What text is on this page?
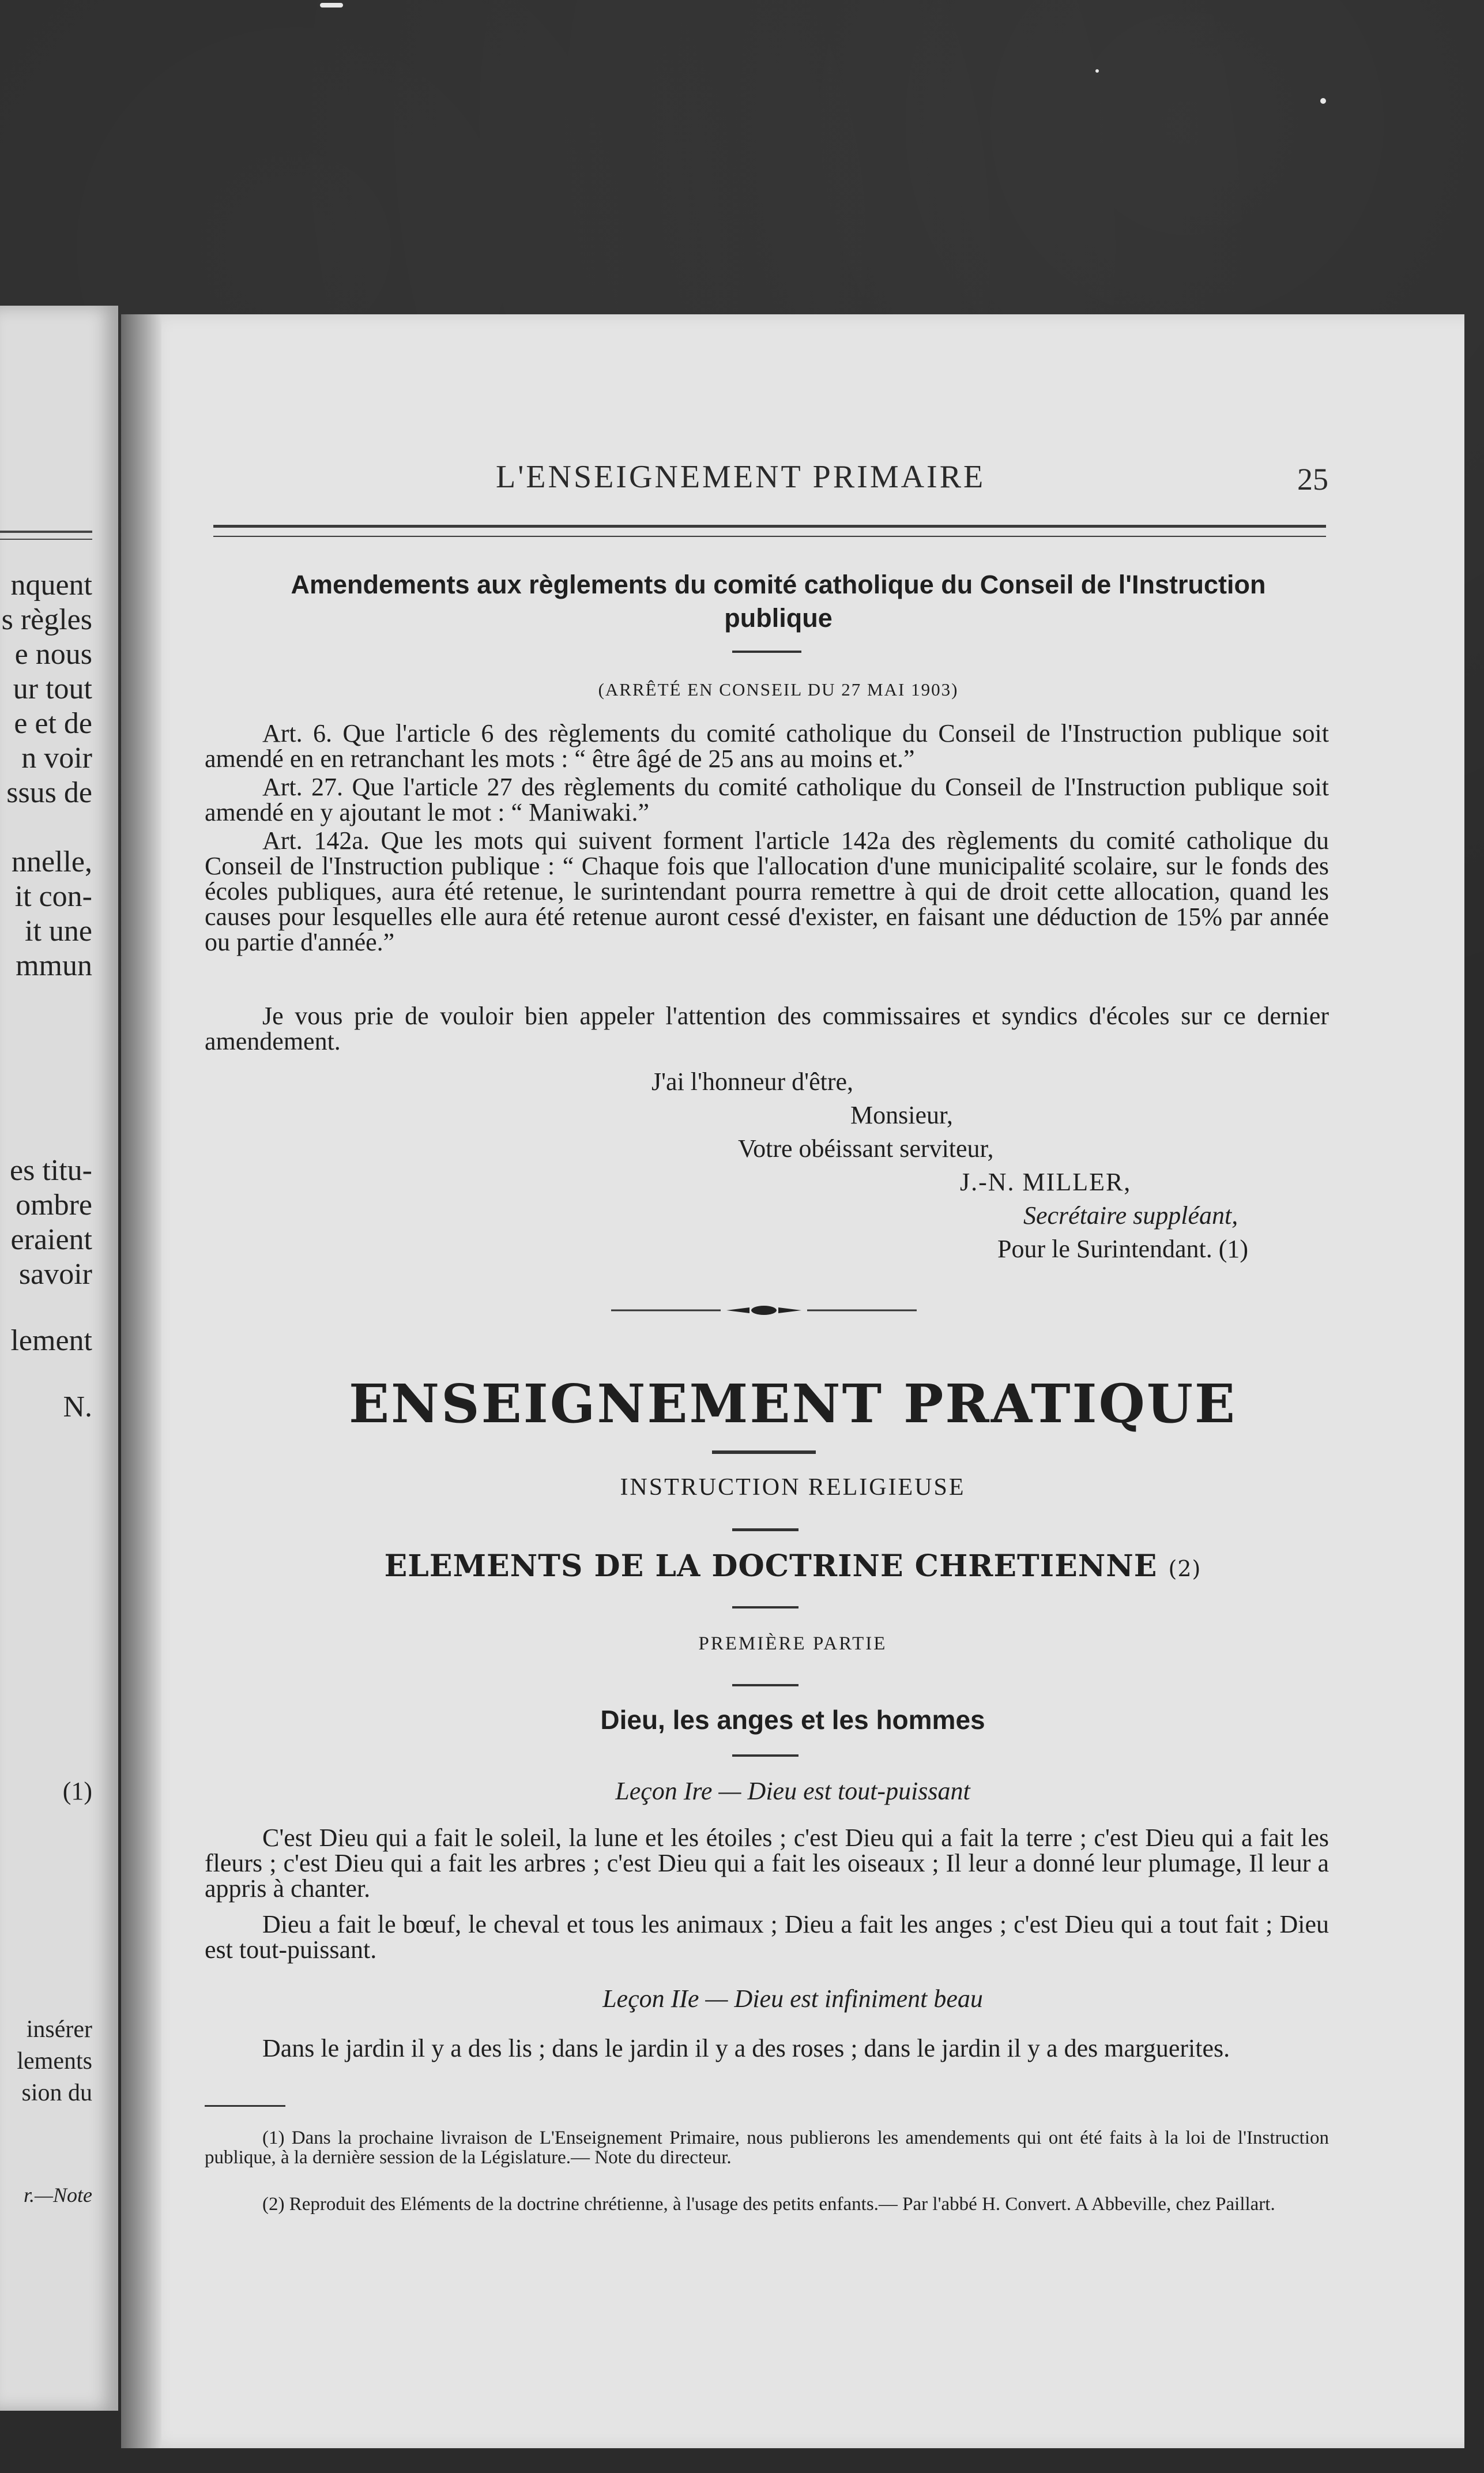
nquent
s règles
e nous
ur tout
e et de
n voir
ssus de
nnelle,
it con-
it une
mmun
es titu-
ombre
eraient
savoir
lement
N.
(1)
insérer
lements
sion du
r.—Note
L'ENSEIGNEMENT PRIMAIRE	25
Amendements aux règlements du comité catholique du Conseil de l'Instruction publique
(ARRÊTÉ EN CONSEIL DU 27 MAI 1903)
Art. 6. Que l'article 6 des règlements du comité catholique du Conseil de l'Instruction publique soit amendé en en retranchant les mots : “ être âgé de 25 ans au moins et.”
Art. 27. Que l'article 27 des règlements du comité catholique du Conseil de l'Instruction publique soit amendé en y ajoutant le mot : “ Maniwaki.”
Art. 142a. Que les mots qui suivent forment l'article 142a des règlements du comité catholique du Conseil de l'Instruction publique : “ Chaque fois que l'allocation d'une municipalité scolaire, sur le fonds des écoles publiques, aura été retenue, le surintendant pourra remettre à qui de droit cette allocation, quand les causes pour lesquelles elle aura été retenue auront cessé d'exister, en faisant une déduction de 15% par année ou partie d'année.”
Je vous prie de vouloir bien appeler l'attention des commissaires et syndics d'écoles sur ce dernier amendement.
J'ai l'honneur d'être,
Monsieur,
Votre obéissant serviteur,
J.-N. MILLER,
Secrétaire suppléant,
Pour le Surintendant. (1)
ENSEIGNEMENT PRATIQUE
INSTRUCTION RELIGIEUSE
ELEMENTS DE LA DOCTRINE CHRETIENNE (2)
PREMIÈRE PARTIE
Dieu, les anges et les hommes
Leçon Ire — Dieu est tout-puissant
C'est Dieu qui a fait le soleil, la lune et les étoiles ; c'est Dieu qui a fait la terre ; c'est Dieu qui a fait les fleurs ; c'est Dieu qui a fait les arbres ; c'est Dieu qui a fait les oiseaux ; Il leur a donné leur plumage, Il leur a appris à chanter.
Dieu a fait le bœuf, le cheval et tous les animaux ; Dieu a fait les anges ; c'est Dieu qui a tout fait ; Dieu est tout-puissant.
Leçon IIe — Dieu est infiniment beau
Dans le jardin il y a des lis ; dans le jardin il y a des roses ; dans le jardin il y a des marguerites.
(1) Dans la prochaine livraison de L'Enseignement Primaire, nous publierons les amendements qui ont été faits à la loi de l'Instruction publique, à la dernière session de la Législature.— Note du directeur.
(2) Reproduit des Eléments de la doctrine chrétienne, à l'usage des petits enfants.— Par l'abbé H. Convert. A Abbeville, chez Paillart.
